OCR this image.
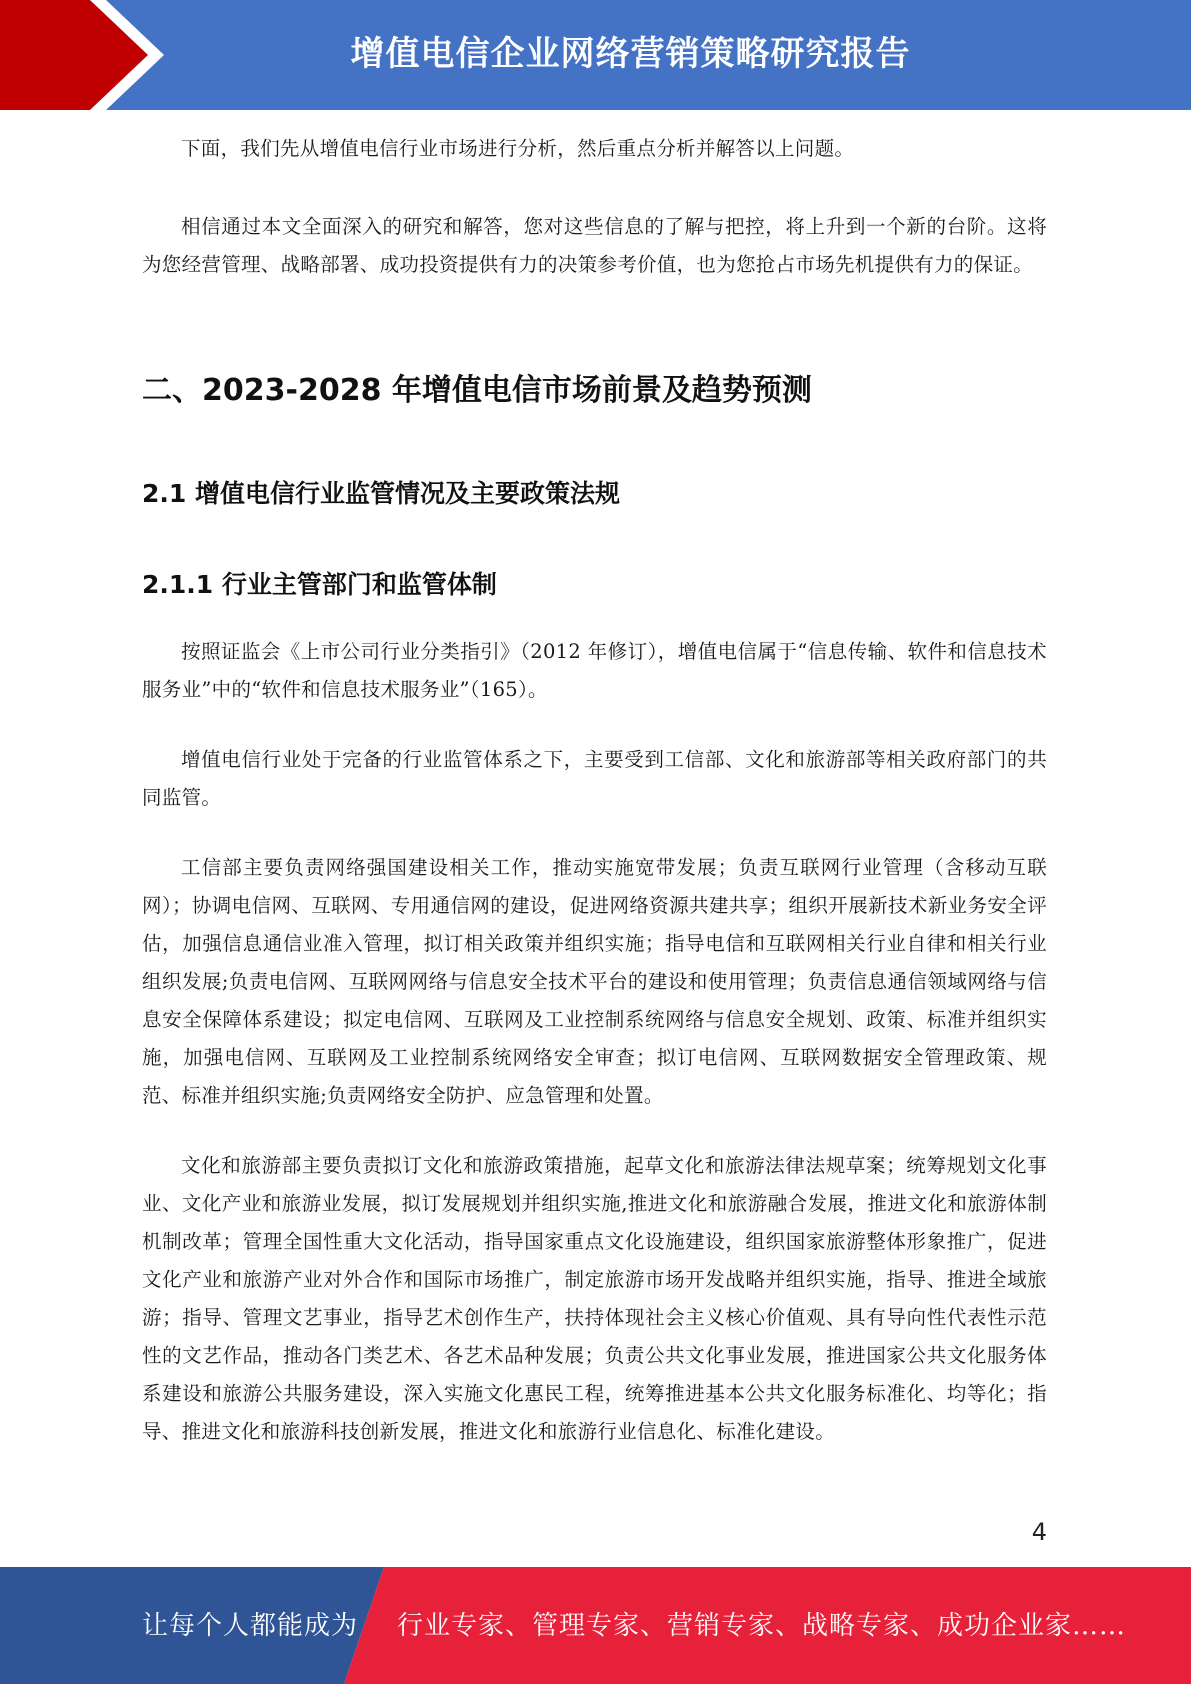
增值电信企业网络营销策略研究报告

下面，我们先从增值电信行业市场进行分析，然后重点分析并解答以上问题。

相信通过本文全面深入的研究和解答，您对这些信息的了解与把控，将上升到一个新的台阶。这将为您经营管理、战略部署、成功投资提供有力的决策参考价值，也为您抢占市场先机提供有力的保证。

二、2023-2028 年增值电信市场前景及趋势预测
2.1 增值电信行业监管情况及主要政策法规
2.1.1 行业主管部门和监管体制

按照证监会《上市公司行业分类指引》（2012 年修订），增值电信属于“信息传输、软件和信息技术服务业”中的“软件和信息技术服务业”（165）。

增值电信行业处于完备的行业监管体系之下，主要受到工信部、文化和旅游部等相关政府部门的共同监管。

工信部主要负责网络强国建设相关工作，推动实施宽带发展；负责互联网行业管理（含移动互联网）；协调电信网、互联网、专用通信网的建设，促进网络资源共建共享；组织开展新技术新业务安全评估，加强信息通信业准入管理，拟订相关政策并组织实施；指导电信和互联网相关行业自律和相关行业组织发展;负责电信网、互联网网络与信息安全技术平台的建设和使用管理；负责信息通信领域网络与信息安全保障体系建设；拟定电信网、互联网及工业控制系统网络与信息安全规划、政策、标准并组织实施，加强电信网、互联网及工业控制系统网络安全审查；拟订电信网、互联网数据安全管理政策、规范、标准并组织实施;负责网络安全防护、应急管理和处置。

文化和旅游部主要负责拟订文化和旅游政策措施，起草文化和旅游法律法规草案；统筹规划文化事业、文化产业和旅游业发展，拟订发展规划并组织实施,推进文化和旅游融合发展，推进文化和旅游体制机制改革；管理全国性重大文化活动，指导国家重点文化设施建设，组织国家旅游整体形象推广，促进文化产业和旅游产业对外合作和国际市场推广，制定旅游市场开发战略并组织实施，指导、推进全域旅游；指导、管理文艺事业，指导艺术创作生产，扶持体现社会主义核心价值观、具有导向性代表性示范性的文艺作品，推动各门类艺术、各艺术品种发展；负责公共文化事业发展，推进国家公共文化服务体系建设和旅游公共服务建设，深入实施文化惠民工程，统筹推进基本公共文化服务标准化、均等化；指导、推进文化和旅游科技创新发展，推进文化和旅游行业信息化、标准化建设。

4
让每个人都能成为 行业专家、管理专家、营销专家、战略专家、成功企业家……
